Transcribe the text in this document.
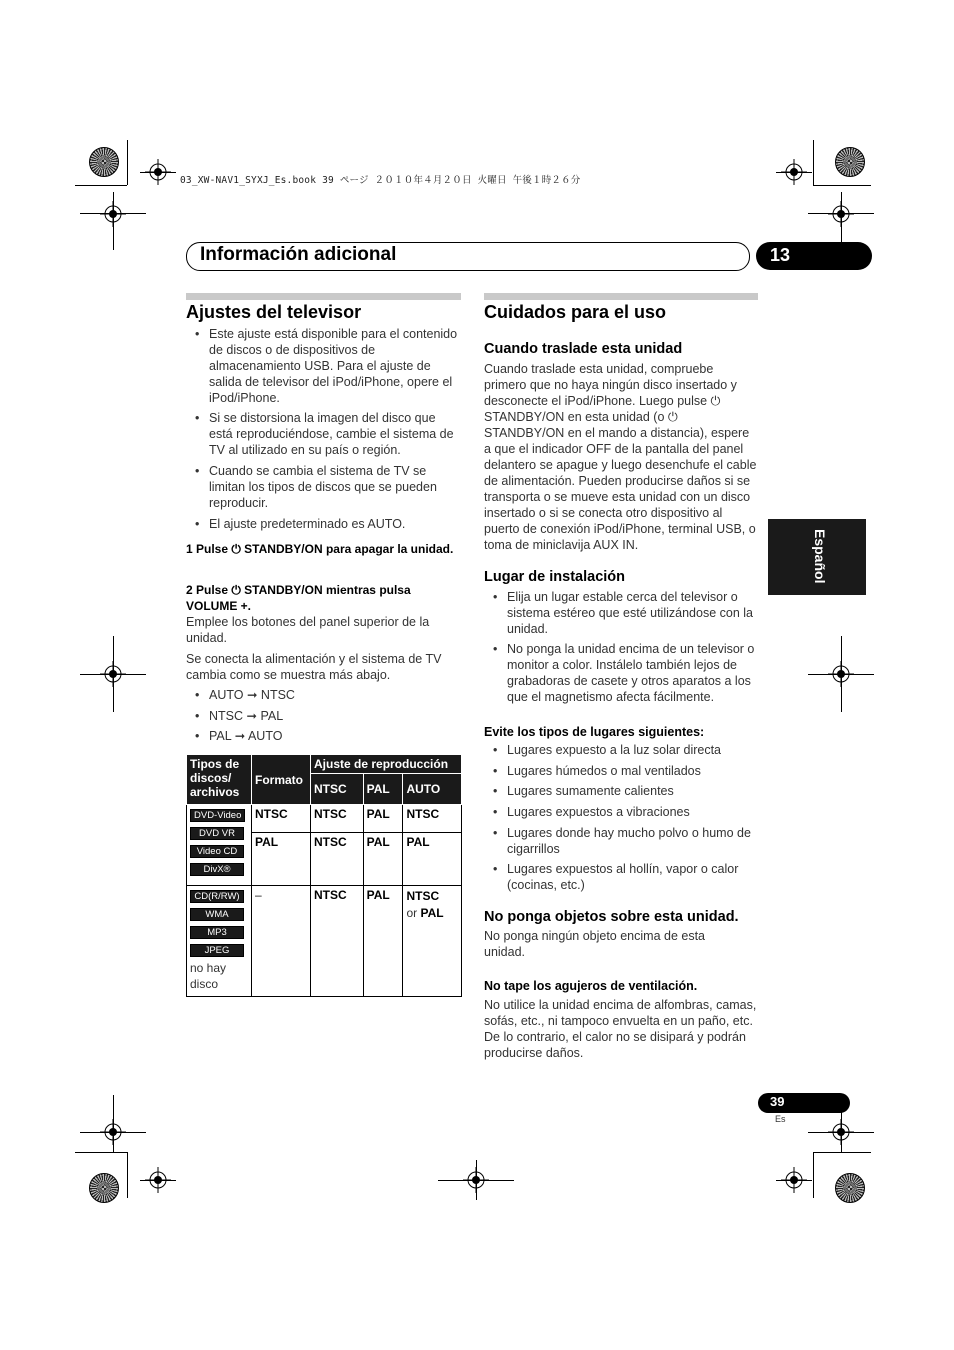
03_XW-NAV1_SYXJ_Es.book 39 ページ ２０１０年４月２０日 火曜日 午後１時２６分
Información adicional	13
Ajustes del televisor
• Este ajuste está disponible para el contenido de discos o de dispositivos de almacenamiento USB. Para el ajuste de salida de televisor del iPod/iPhone, opere el iPod/iPhone.
• Si se distorsiona la imagen del disco que está reproduciéndose, cambie el sistema de TV al utilizado en su país o región.
• Cuando se cambia el sistema de TV se limitan los tipos de discos que se pueden reproducir.
• El ajuste predeterminado es AUTO.
1 Pulse ⏻ STANDBY/ON para apagar la unidad.
2 Pulse ⏻ STANDBY/ON mientras pulsa VOLUME +.
Emplee los botones del panel superior de la unidad.
Se conecta la alimentación y el sistema de TV cambia como se muestra más abajo.
• AUTO ➞ NTSC
• NTSC ➞ PAL
• PAL ➞ AUTO
Tipos de discos/ archivos	Formato	Ajuste de reproducción		
		NTSC	PAL	AUTO
DVD-Video
DVD VR
Video CD
DivX®	NTSC	NTSC	PAL	NTSC
	PAL	NTSC	PAL	PAL
CD(R/RW)
WMA
MP3
JPEG
no hay disco	–	NTSC	PAL	NTSC
or PAL
Cuidados para el uso
Cuando traslade esta unidad
Cuando traslade esta unidad, compruebe primero que no haya ningún disco insertado y desconecte el iPod/iPhone. Luego pulse ⏻ STANDBY/ON en esta unidad (o ⏻ STANDBY/ON en el mando a distancia), espere a que el indicador OFF de la pantalla del panel delantero se apague y luego desenchufe el cable de alimentación. Pueden producirse daños si se transporta o se mueve esta unidad con un disco insertado o si se conecta otro dispositivo al puerto de conexión iPod/iPhone, terminal USB, o toma de miniclavija AUX IN.
Lugar de instalación
• Elija un lugar estable cerca del televisor o sistema estéreo que esté utilizándose con la unidad.
• No ponga la unidad encima de un televisor o monitor a color. Instálelo también lejos de grabadoras de casete y otros aparatos a los que el magnetismo afecta fácilmente.
Evite los tipos de lugares siguientes:
• Lugares expuesto a la luz solar directa
• Lugares húmedos o mal ventilados
• Lugares sumamente calientes
• Lugares expuestos a vibraciones
• Lugares donde hay mucho polvo o humo de cigarrillos
• Lugares expuestos al hollín, vapor o calor (cocinas, etc.)
No ponga objetos sobre esta unidad.
No ponga ningún objeto encima de esta unidad.
No tape los agujeros de ventilación.
No utilice la unidad encima de alfombras, camas, sofás, etc., ni tampoco envuelta en un paño, etc. De lo contrario, el calor no se disipará y podrán producirse daños.
Español
39
Es
